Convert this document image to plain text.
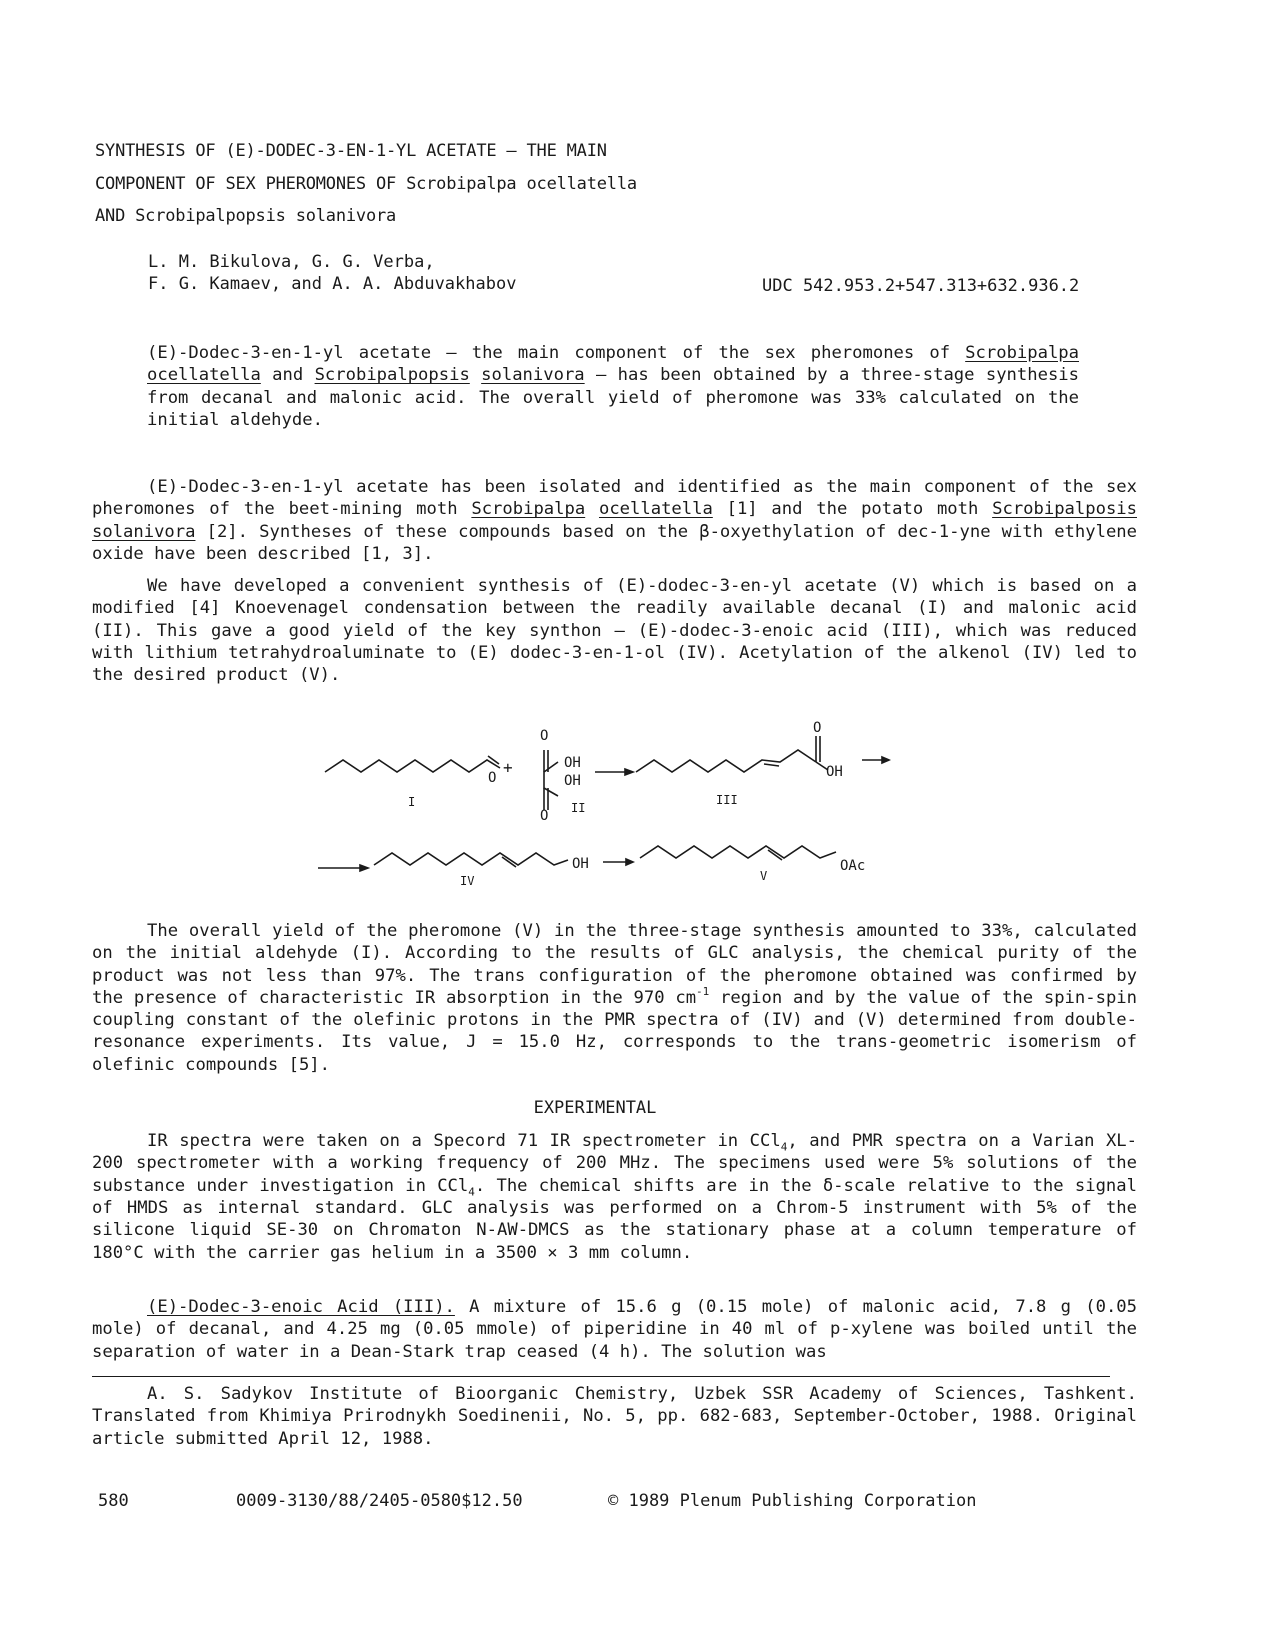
SYNTHESIS OF (E)-DODEC-3-EN-1-YL ACETATE — THE MAIN
COMPONENT OF SEX PHEROMONES OF Scrobipalpa ocellatella
AND Scrobipalpopsis solanivora
L. M. Bikulova, G. G. Verba,
F. G. Kamaev, and A. A. Abduvakhabov	UDC 542.953.2+547.313+632.936.2
(E)-Dodec-3-en-1-yl acetate — the main component of the sex pheromones of Scrobipalpa ocellatella and Scrobipalpopsis solanivora — has been obtained by a three-stage synthesis from decanal and malonic acid. The overall yield of pheromone was 33% calculated on the initial aldehyde.
(E)-Dodec-3-en-1-yl acetate has been isolated and identified as the main component of the sex pheromones of the beet-mining moth Scrobipalpa ocellatella [1] and the potato moth Scrobipalposis solanivora [2]. Syntheses of these compounds based on the β-oxyethylation of dec-1-yne with ethylene oxide have been described [1, 3].
We have developed a convenient synthesis of (E)-dodec-3-en-yl acetate (V) which is based on a modified [4] Knoevenagel condensation between the readily available decanal (I) and malonic acid (II). This gave a good yield of the key synthon — (E)-dodec-3-enoic acid (III), which was reduced with lithium tetrahydroaluminate to (E) dodec-3-en-1-ol (IV). Acetylation of the alkenol (IV) led to the desired product (V).
+
O
O
OH
OH
O
O
OH
OH	OAc
I	II
III
IV	V
The overall yield of the pheromone (V) in the three-stage synthesis amounted to 33%, calculated on the initial aldehyde (I). According to the results of GLC analysis, the chemical purity of the product was not less than 97%. The trans configuration of the pheromone obtained was confirmed by the presence of characteristic IR absorption in the 970 $cm^{-1}$ region and by the value of the spin-spin coupling constant of the olefinic protons in the PMR spectra of (IV) and (V) determined from double-resonance experiments. Its value, J = 15.0 Hz, corresponds to the trans-geometric isomerism of olefinic compounds [5].
EXPERIMENTAL
IR spectra were taken on a Specord 71 IR spectrometer in CCl$_4$, and PMR spectra on a Varian XL-200 spectrometer with a working frequency of 200 MHz. The specimens used were 5% solutions of the substance under investigation in CCl$_4$. The chemical shifts are in the δ-scale relative to the signal of HMDS as internal standard. GLC analysis was performed on a Chrom-5 instrument with 5% of the silicone liquid SE-30 on Chromaton N-AW-DMCS as the stationary phase at a column temperature of 180°C with the carrier gas helium in a 3500 × 3 mm column.
(E)-Dodec-3-enoic Acid (III). A mixture of 15.6 g (0.15 mole) of malonic acid, 7.8 g (0.05 mole) of decanal, and 4.25 mg (0.05 mmole) of piperidine in 40 ml of p-xylene was boiled until the separation of water in a Dean-Stark trap ceased (4 h). The solution was
A. S. Sadykov Institute of Bioorganic Chemistry, Uzbek SSR Academy of Sciences, Tashkent. Translated from Khimiya Prirodnykh Soedinenii, No. 5, pp. 682-683, September-October, 1988. Original article submitted April 12, 1988.
580	0009-3130/88/2405-0580$12.50	© 1989 Plenum Publishing Corporation
